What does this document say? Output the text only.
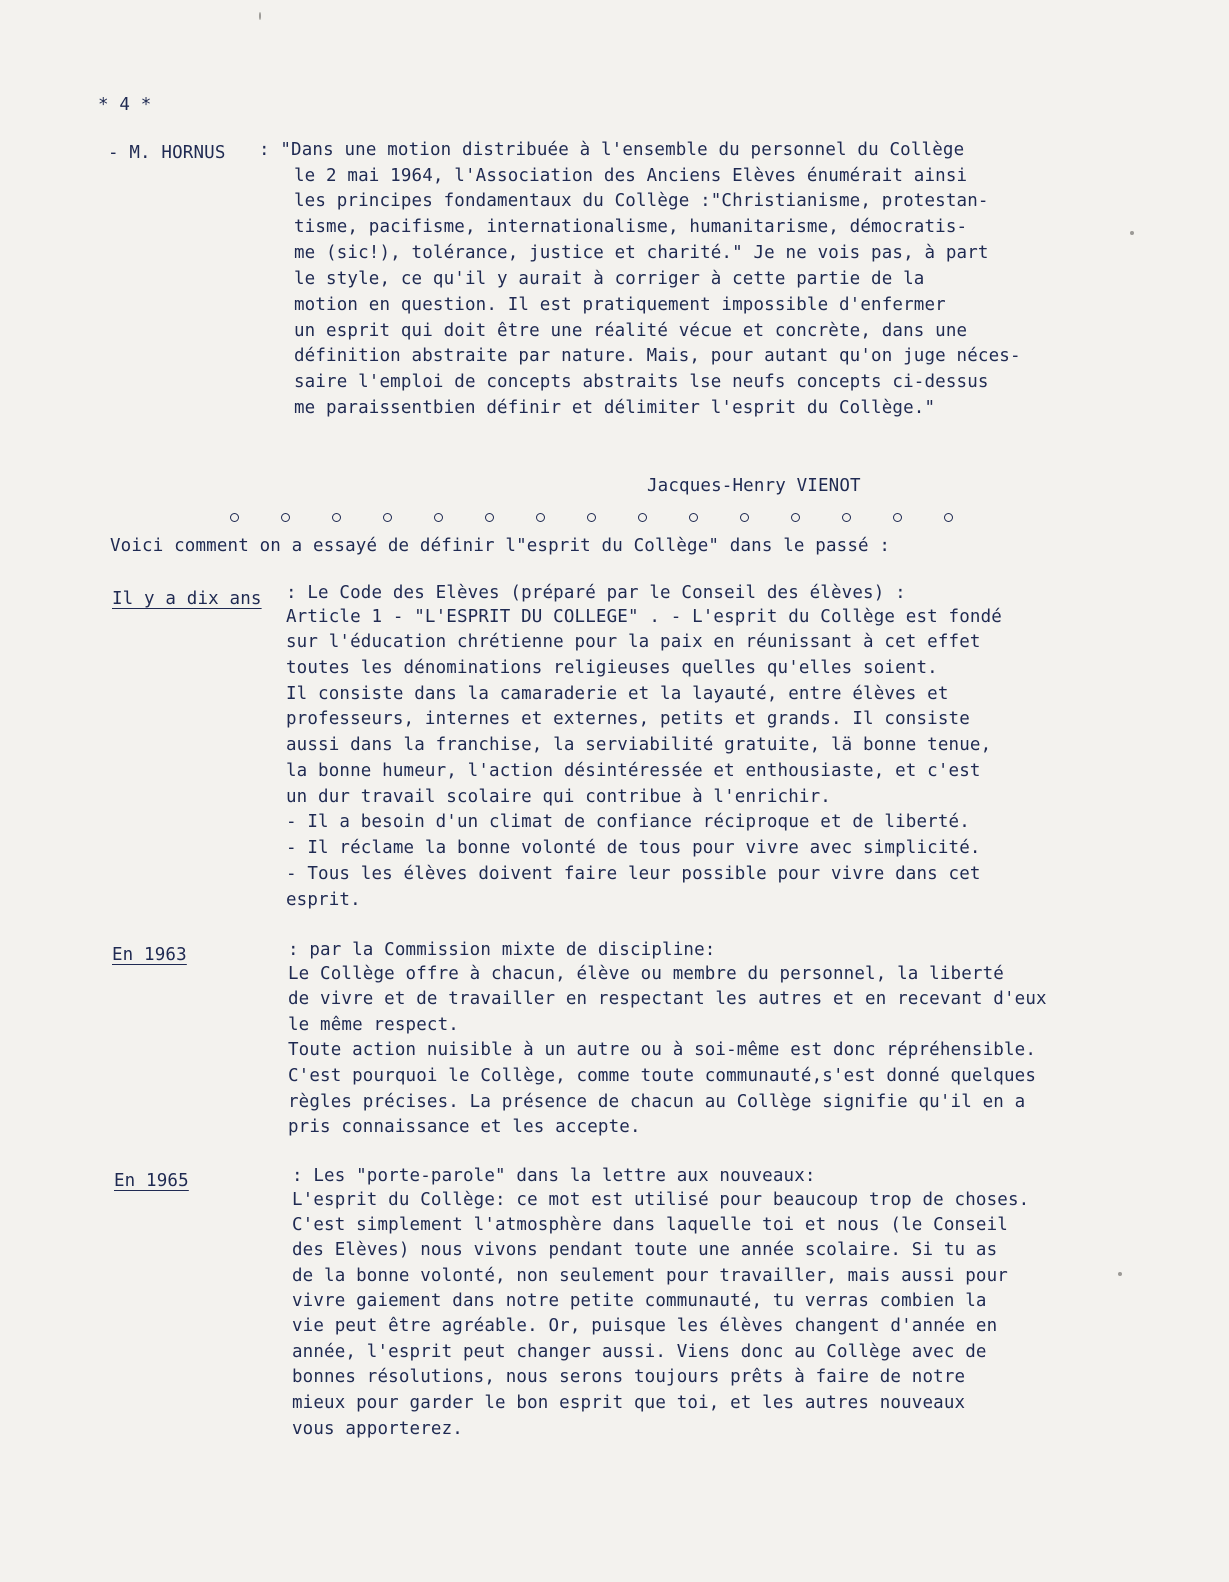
* 4 *
- M. HORNUS : "Dans une motion distribuée à l'ensemble du personnel du Collège
le 2 mai 1964, l'Association des Anciens Elèves énumérait ainsi
les principes fondamentaux du Collège :"Christianisme, protestan-
tisme, pacifisme, internationalisme, humanitarisme, démocratis-
me (sic!), tolérance, justice et charité." Je ne vois pas, à part
le style, ce qu'il y aurait à corriger à cette partie de la
motion en question. Il est pratiquement impossible d'enfermer
un esprit qui doit être une réalité vécue et concrète, dans une
définition abstraite par nature. Mais, pour autant qu'on juge néces-
saire l'emploi de concepts abstraits lse neufs concepts ci-dessus
me paraissentbien définir et délimiter l'esprit du Collège."
Jacques-Henry VIENOT
Voici comment on a essayé de définir l"esprit du Collège" dans le passé :
Il y a dix ans : Le Code des Elèves (préparé par le Conseil des élèves) :
Article 1 - "L'ESPRIT DU COLLEGE" . - L'esprit du Collège est fondé
sur l'éducation chrétienne pour la paix en réunissant à cet effet
toutes les dénominations religieuses quelles qu'elles soient.
Il consiste dans la camaraderie et la layauté, entre élèves et
professeurs, internes et externes, petits et grands. Il consiste
aussi dans la franchise, la serviabilité gratuite, lä bonne tenue,
la bonne humeur, l'action désintéressée et enthousiaste, et c'est
un dur travail scolaire qui contribue à l'enrichir.
- Il a besoin d'un climat de confiance réciproque et de liberté.
- Il réclame la bonne volonté de tous pour vivre avec simplicité.
- Tous les élèves doivent faire leur possible pour vivre dans cet
esprit.
En 1963	: par la Commission mixte de discipline:
Le Collège offre à chacun, élève ou membre du personnel, la liberté
de vivre et de travailler en respectant les autres et en recevant d'eux
le même respect.
Toute action nuisible à un autre ou à soi-même est donc répréhensible.
C'est pourquoi le Collège, comme toute communauté,s'est donné quelques
règles précises. La présence de chacun au Collège signifie qu'il en a
pris connaissance et les accepte.
En 1965	: Les "porte-parole" dans la lettre aux nouveaux:
L'esprit du Collège: ce mot est utilisé pour beaucoup trop de choses.
C'est simplement l'atmosphère dans laquelle toi et nous (le Conseil
des Elèves) nous vivons pendant toute une année scolaire. Si tu as
de la bonne volonté, non seulement pour travailler, mais aussi pour
vivre gaiement dans notre petite communauté, tu verras combien la
vie peut être agréable. Or, puisque les élèves changent d'année en
année, l'esprit peut changer aussi. Viens donc au Collège avec de
bonnes résolutions, nous serons toujours prêts à faire de notre
mieux pour garder le bon esprit que toi, et les autres nouveaux
vous apporterez.
